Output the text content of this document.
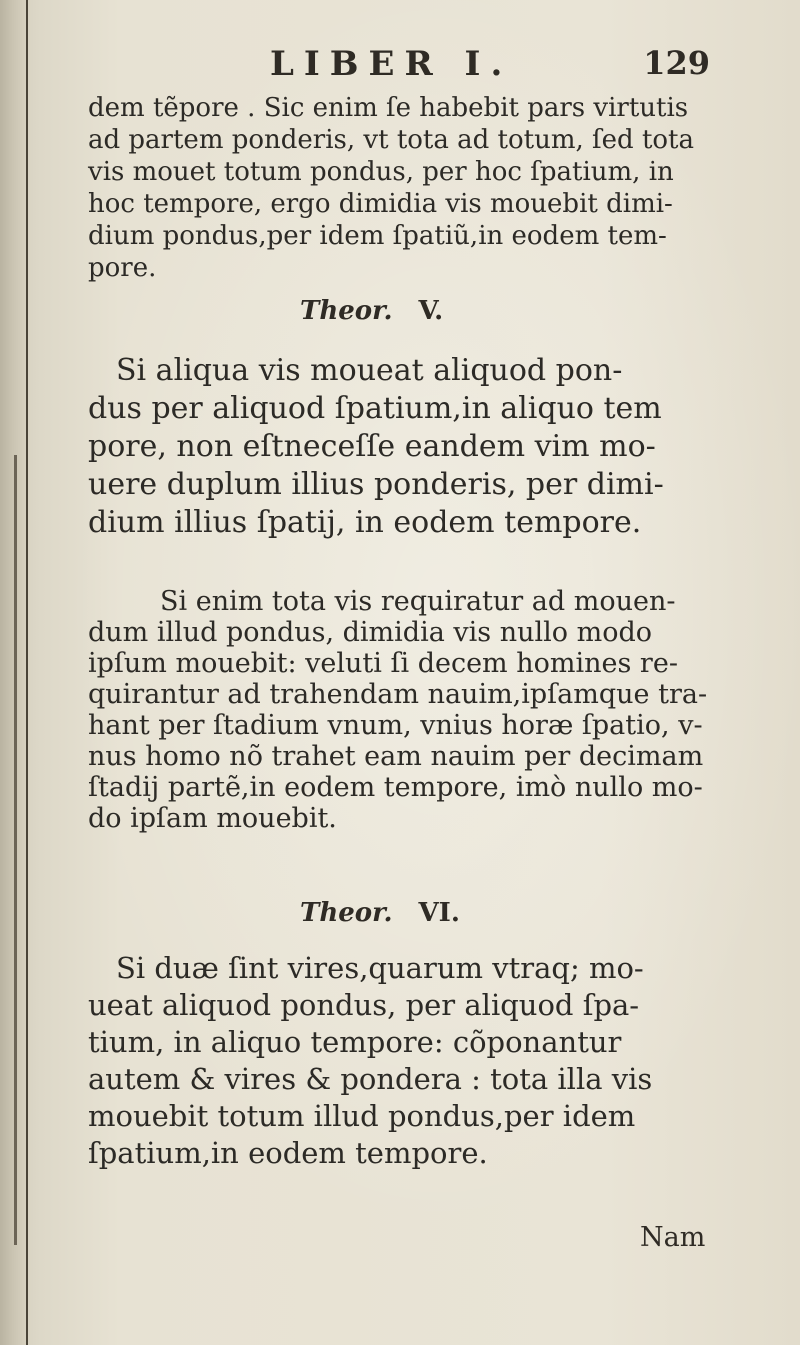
LIBER I.	129
dem tẽpore . Sic enim ſe habebit pars virtutis
ad partem ponderis, vt tota ad totum, ſed tota
vis mouet totum pondus, per hoc ſpatium, in
hoc tempore, ergo dimidia vis mouebit dimi-
dium pondus,per idem ſpatiũ,in eodem tem-
pore.
Theor. V.
Si aliqua vis moueat aliquod pon-
dus per aliquod ſpatium,in aliquo tem
pore, non eſtneceſſe eandem vim mo-
uere duplum illius ponderis, per dimi-
dium illius ſpatij, in eodem tempore.
Si enim tota vis requiratur ad mouen-
dum illud pondus, dimidia vis nullo modo
ipſum mouebit: veluti ſi decem homines re-
quirantur ad trahendam nauim,ipſamque tra-
hant per ſtadium vnum, vnius horæ ſpatio, v-
nus homo nõ trahet eam nauim per decimam
ſtadij partẽ,in eodem tempore, imò nullo mo-
do ipſam mouebit.
Theor. VI.
Si duæ ſint vires,quarum vtraq; mo-
ueat aliquod pondus, per aliquod ſpa-
tium, in aliquo tempore: cõponantur
autem & vires & pondera : tota illa vis
mouebit totum illud pondus,per idem
ſpatium,in eodem tempore.
Nam
